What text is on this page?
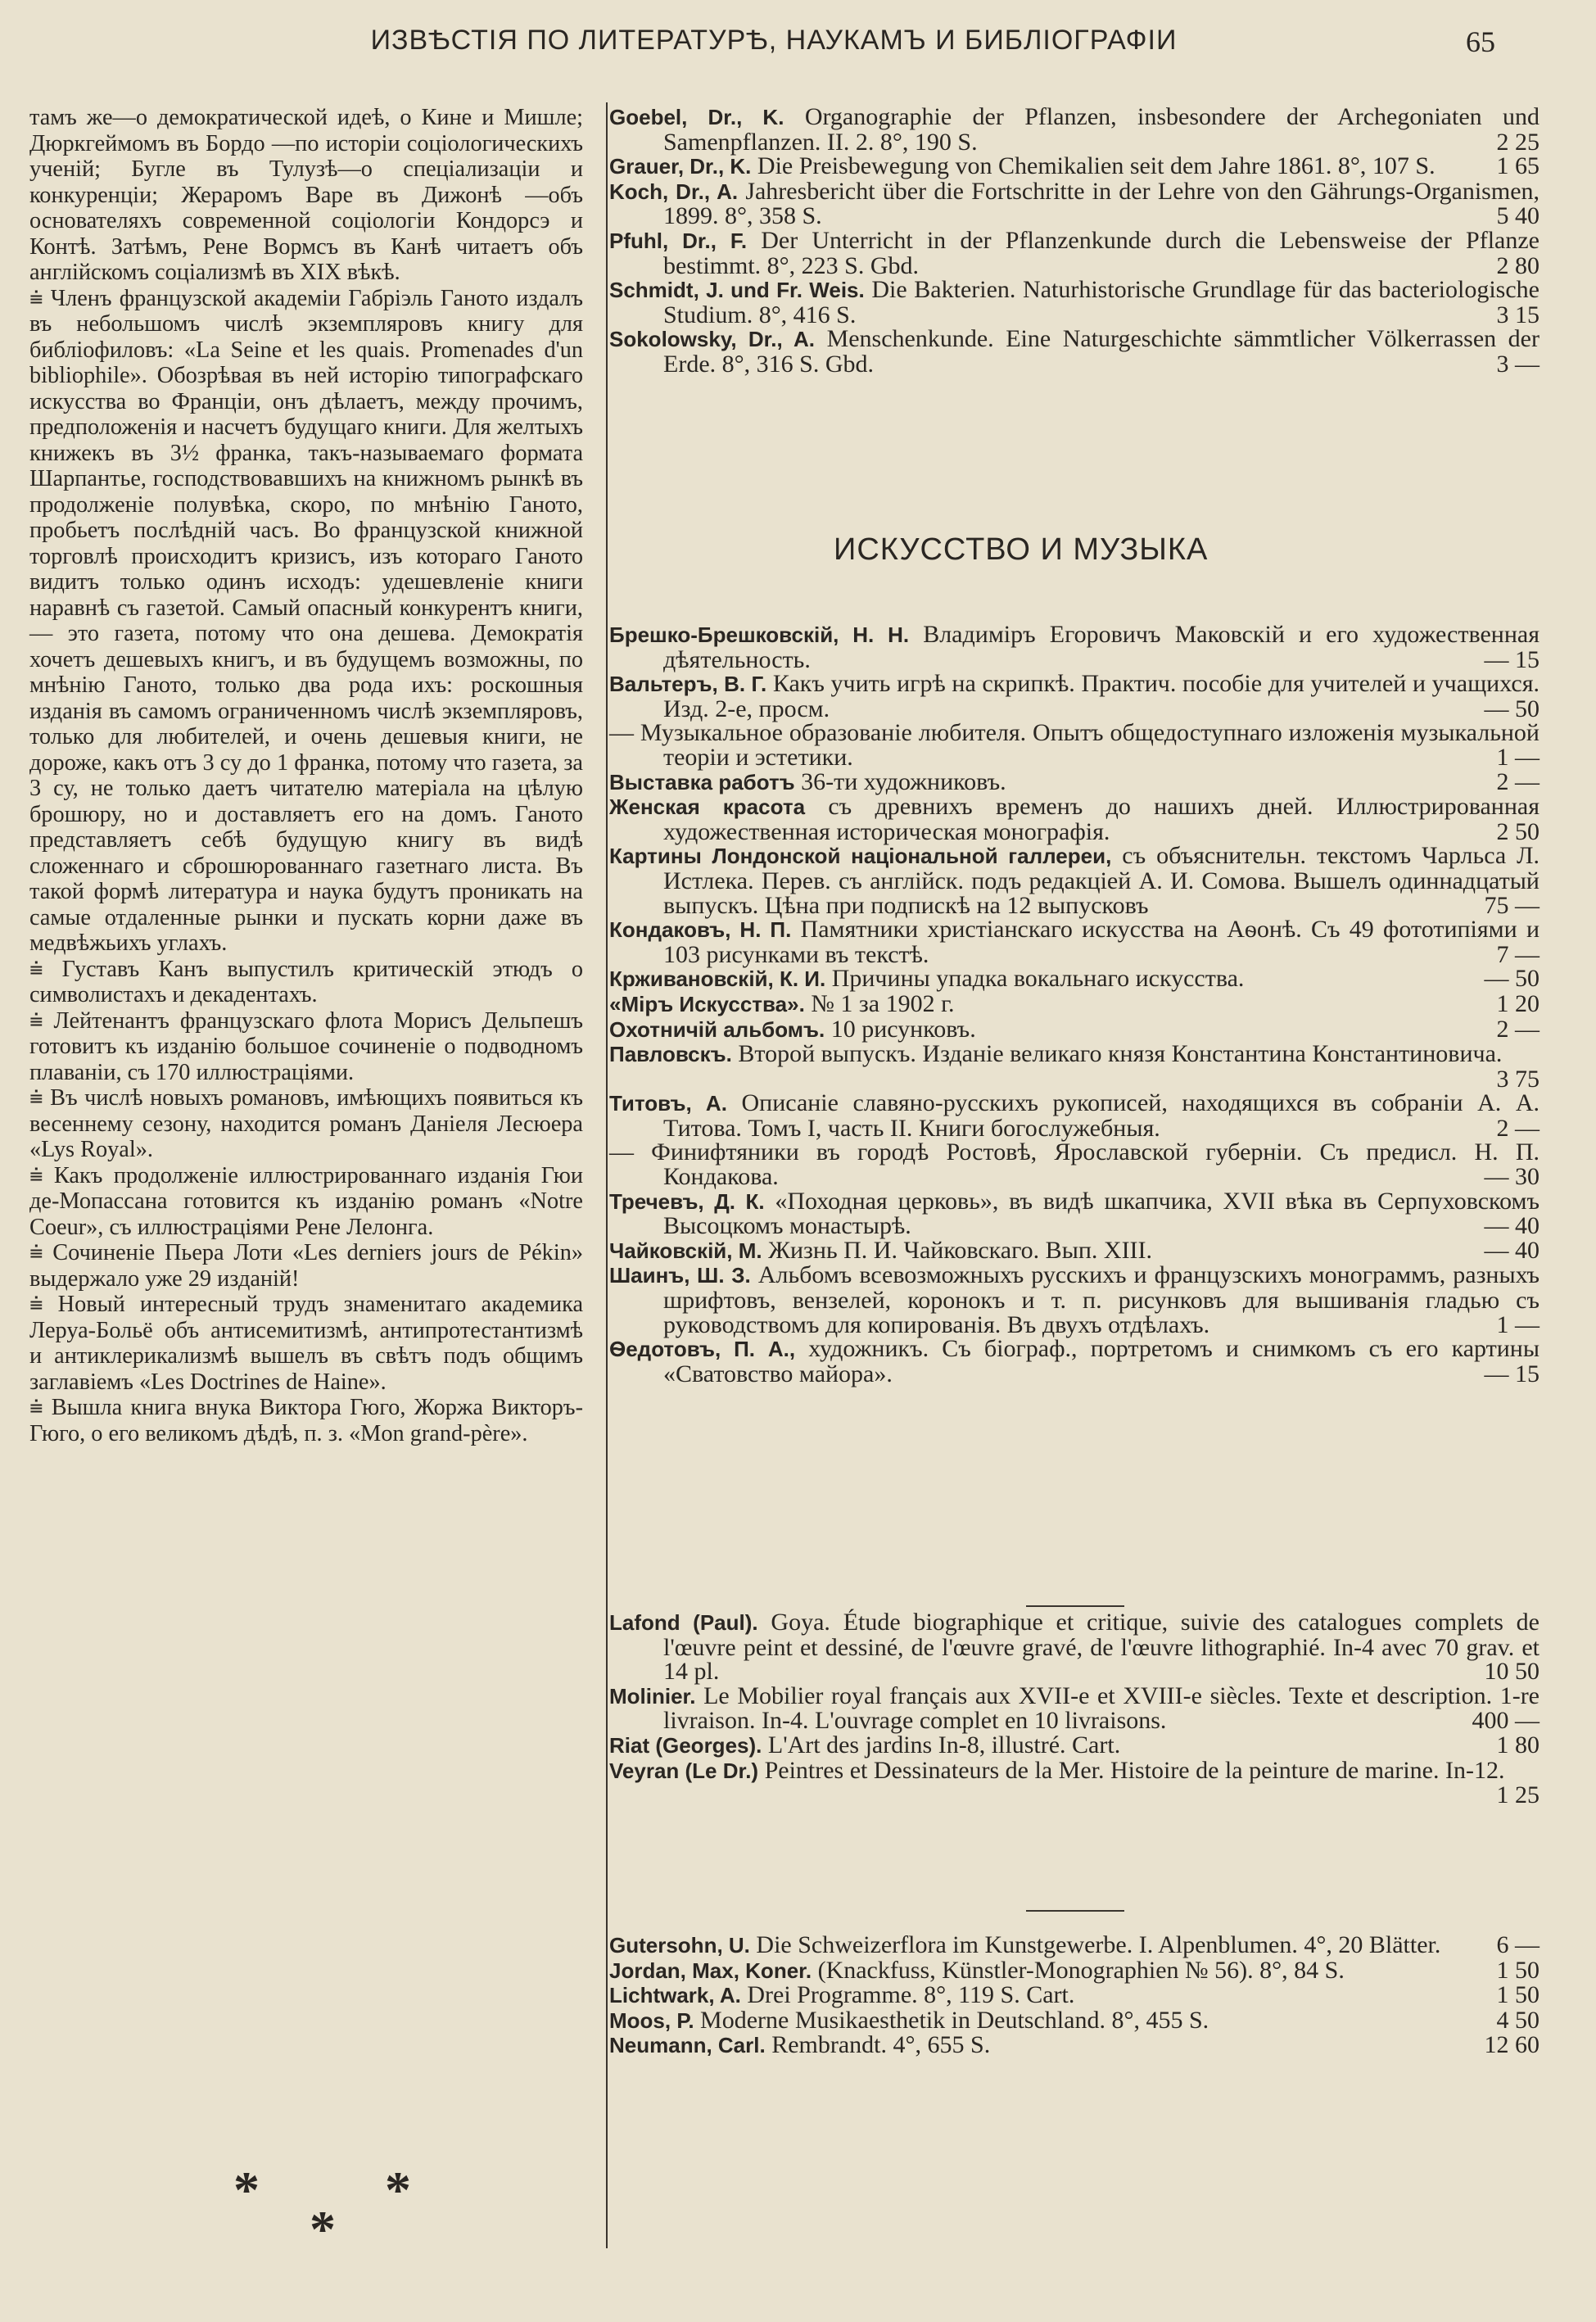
ИЗВѢСТІЯ ПО ЛИТЕРАТУРѢ, НАУКАМЪ И БИБЛІОГРАФІИ	65

тамъ же—о демократической идеѣ, о Кине и Мишле; Дюркгеймомъ въ Бордо —по исторіи соціологическихъ ученій; Бугле въ Тулузѣ—о спеціализаціи и конкуренціи; Жераромъ Варе въ Дижонѣ —объ основателяхъ современной соціологіи Кондорсэ и Контѣ. Затѣмъ, Рене Вормсъ въ Канѣ читаетъ объ англійскомъ соціализмѣ въ XIX вѣкѣ.

⩧ Членъ французской академіи Габріэль Ганото издалъ въ небольшомъ числѣ экземпляровъ книгу для библіофиловъ: «La Seine et les quais. Promenades d'un bibliophile». Обозрѣвая въ ней исторію типографскаго искусства во Франціи, онъ дѣлаетъ, между прочимъ, предположенія и насчетъ будущаго книги. Для желтыхъ книжекъ въ 3½ франка, такъ-называемаго формата Шарпантье, господствовавшихъ на книжномъ рынкѣ въ продолженіе полувѣка, скоро, по мнѣнію Ганото, пробьетъ послѣдній часъ. Во французской книжной торговлѣ происходитъ кризисъ, изъ котораго Ганото видитъ только одинъ исходъ: удешевленіе книги наравнѣ съ газетой. Самый опасный конкурентъ книги, — это газета, потому что она дешева. Демократія хочетъ дешевыхъ книгъ, и въ будущемъ возможны, по мнѣнію Ганото, только два рода ихъ: роскошныя изданія въ самомъ ограниченномъ числѣ экземпляровъ, только для любителей, и очень дешевыя книги, не дороже, какъ отъ 3 су до 1 франка, потому что газета, за 3 су, не только даетъ читателю матеріала на цѣлую брошюру, но и доставляетъ его на домъ. Ганото представляетъ себѣ будущую книгу въ видѣ сложеннаго и сброшюрованнаго газетнаго листа. Въ такой формѣ литература и наука будутъ проникать на самые отдаленные рынки и пускать корни даже въ медвѣжьихъ углахъ.

⩧ Густавъ Канъ выпустилъ критическій этюдъ о символистахъ и декадентахъ.

⩧ Лейтенантъ французскаго флота Морисъ Дельпешъ готовитъ къ изданію большое сочиненіе о подводномъ плаваніи, съ 170 иллюстраціями.

⩧ Въ числѣ новыхъ романовъ, имѣющихъ появиться къ весеннему сезону, находится романъ Даніеля Лесюера «Lys Royal».

⩧ Какъ продолженіе иллюстрированнаго изданія Гюи де-Мопассана готовится къ изданію романъ «Notre Coeur», съ иллюстраціями Рене Лелонга.

⩧ Сочиненіе Пьера Лоти «Les derniers jours de Pékin» выдержало уже 29 изданій!

⩧ Новый интересный трудъ знаменитаго академика Леруа-Больё объ антисемитизмѣ, антипротестантизмѣ и антиклерикализмѣ вышелъ въ свѣтъ подъ общимъ заглавіемъ «Les Doctrines de Haine».

⩧ Вышла книга внука Виктора Гюго, Жоржа Викторъ-Гюго, о его великомъ дѣдѣ, п. з. «Mon grand-père».

* *
*
Goebel, Dr., K. Organographie der Pflanzen, insbesondere der Archegoniaten und Samenpflanzen. II. 2. 8°, 190 S.	2 25
Grauer, Dr., K. Die Preisbewegung von Chemikalien seit dem Jahre 1861. 8°, 107 S.	1 65
Koch, Dr., A. Jahresbericht über die Fortschritte in der Lehre von den Gährungs-Organismen, 1899. 8°, 358 S.	5 40
Pfuhl, Dr., F. Der Unterricht in der Pflanzenkunde durch die Lebensweise der Pflanze bestimmt. 8°, 223 S. Gbd.	2 80
Schmidt, J. und Fr. Weis. Die Bakterien. Naturhistorische Grundlage für das bacteriologische Studium. 8°, 416 S.	3 15
Sokolowsky, Dr., A. Menschenkunde. Eine Naturgeschichte sämmtlicher Völkerrassen der Erde. 8°, 316 S. Gbd.	3 —
ИСКУССТВО И МУЗЫКА
Брешко-Брешковскій, Н. Н. Владиміръ Егоровичъ Маковскій и его художественная дѣятельность.	— 15
Вальтеръ, В. Г. Какъ учить игрѣ на скрипкѣ. Практич. пособіе для учителей и учащихся. Изд. 2-е, просм.	— 50
— Музыкальное образованіе любителя. Опытъ общедоступнаго изложенія музыкальной теоріи и эстетики.	1 —
Выставка работъ 36-ти художниковъ.	2 —
Женская красота съ древнихъ временъ до нашихъ дней. Иллюстрированная художественная историческая монографія.	2 50
Картины Лондонской національной галлереи, съ объяснительн. текстомъ Чарльса Л. Истлека. Перев. съ англійск. подъ редакціей А. И. Сомова. Вышелъ одиннадцатый выпускъ. Цѣна при подпискѣ на 12 выпусковъ	75 —
Кондаковъ, Н. П. Памятники христіанскаго искусства на Аѳонѣ. Съ 49 фототипіями и 103 рисунками въ текстѣ.	7 —
Крживановскій, К. И. Причины упадка вокальнаго искусства.	— 50
«Міръ Искусства». № 1 за 1902 г.	1 20
Охотничій альбомъ. 10 рисунковъ.	2 —
Павловскъ. Второй выпускъ. Изданіе великаго князя Константина Константиновича.
3 75
Титовъ, А. Описаніе славяно-русскихъ рукописей, находящихся въ собраніи А. А. Титова. Томъ I, часть II. Книги богослужебныя.	2 —
— Финифтяники въ городѣ Ростовѣ, Ярославской губерніи. Съ предисл. Н. П. Кондакова.	— 30
Тречевъ, Д. К. «Походная церковь», въ видѣ шкапчика, XVII вѣка въ Серпуховскомъ Высоцкомъ монастырѣ.	— 40
Чайковскій, М. Жизнь П. И. Чайковскаго. Вып. XIII.	— 40
Шаинъ, Ш. З. Альбомъ всевозможныхъ русскихъ и французскихъ монограммъ, разныхъ шрифтовъ, вензелей, коронокъ и т. п. рисунковъ для вышиванія гладью съ руководствомъ для копированія. Въ двухъ отдѣлахъ.	1 —
Ѳедотовъ, П. А., художникъ. Съ біограф., портретомъ и снимкомъ съ его картины «Сватовство майора».	— 15
Lafond (Paul). Goya. Étude biographique et critique, suivie des catalogues complets de l'œuvre peint et dessiné, de l'œuvre gravé, de l'œuvre lithographié. In-4 avec 70 grav. et 14 pl.	10 50
Molinier. Le Mobilier royal français aux XVII-e et XVIII-e siècles. Texte et description. 1-re livraison. In-4. L'ouvrage complet en 10 livraisons.	400 —
Riat (Georges). L'Art des jardins In-8, illustré. Cart.	1 80
Veyran (Le Dr.) Peintres et Dessinateurs de la Mer. Histoire de la peinture de marine. In-12.
1 25
Gutersohn, U. Die Schweizerflora im Kunstgewerbe. I. Alpenblumen. 4°, 20 Blätter.	6 —
Jordan, Max, Koner. (Knackfuss, Künstler-Monographien № 56). 8°, 84 S.	1 50
Lichtwark, A. Drei Programme. 8°, 119 S. Cart.	1 50
Moos, P. Moderne Musikaesthetik in Deutschland. 8°, 455 S.	4 50
Neumann, Carl. Rembrandt. 4°, 655 S.	12 60
